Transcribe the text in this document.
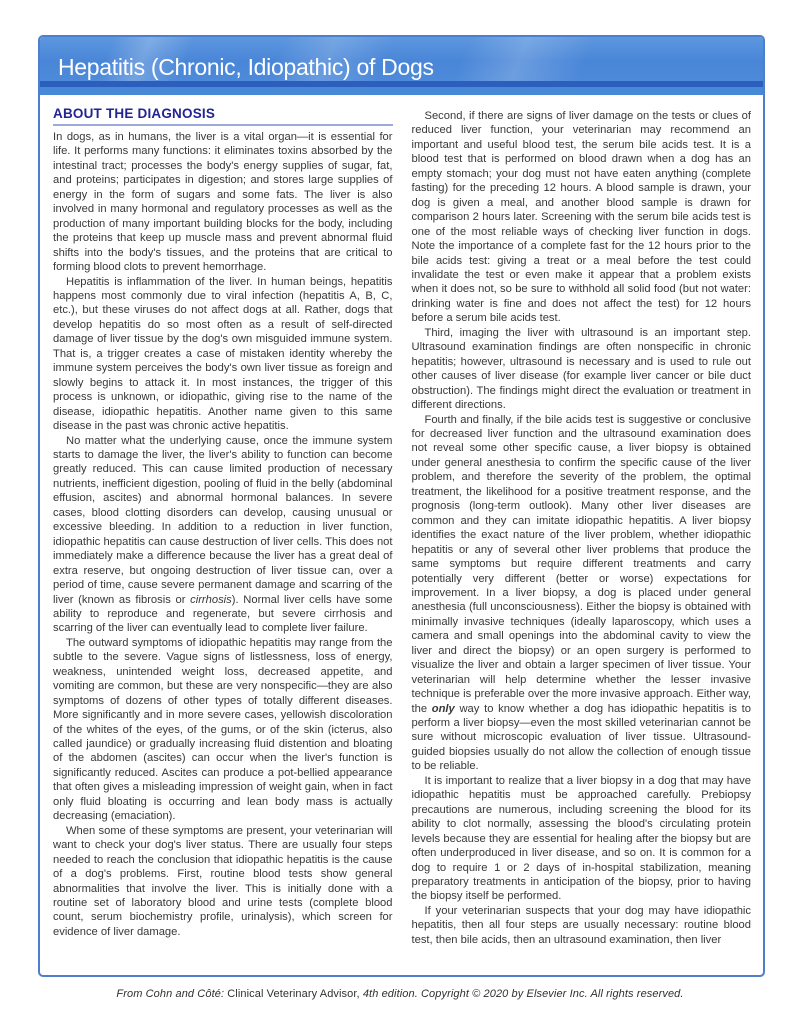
Hepatitis (Chronic, Idiopathic) of Dogs
ABOUT THE DIAGNOSIS

In dogs, as in humans, the liver is a vital organ—it is essential for life. It performs many functions: it eliminates toxins absorbed by the intestinal tract; processes the body's energy supplies of sugar, fat, and proteins; participates in digestion; and stores large supplies of energy in the form of sugars and some fats. The liver is also involved in many hormonal and regulatory processes as well as the production of many important building blocks for the body, including the proteins that keep up muscle mass and prevent abnormal fluid shifts into the body's tissues, and the proteins that are critical to forming blood clots to prevent hemorrhage.

Hepatitis is inflammation of the liver. In human beings, hepatitis happens most commonly due to viral infection (hepatitis A, B, C, etc.), but these viruses do not affect dogs at all. Rather, dogs that develop hepatitis do so most often as a result of self-directed damage of liver tissue by the dog's own misguided immune system. That is, a trigger creates a case of mistaken identity whereby the immune system perceives the body's own liver tissue as foreign and slowly begins to attack it. In most instances, the trigger of this process is unknown, or idiopathic, giving rise to the name of the disease, idiopathic hepatitis. Another name given to this same disease in the past was chronic active hepatitis.

No matter what the underlying cause, once the immune system starts to damage the liver, the liver's ability to function can become greatly reduced. This can cause limited production of necessary nutrients, inefficient digestion, pooling of fluid in the belly (abdominal effusion, ascites) and abnormal hormonal balances. In severe cases, blood clotting disorders can develop, causing unusual or excessive bleeding. In addition to a reduction in liver function, idiopathic hepatitis can cause destruction of liver cells. This does not immediately make a difference because the liver has a great deal of extra reserve, but ongoing destruction of liver tissue can, over a period of time, cause severe permanent damage and scarring of the liver (known as fibrosis or cirrhosis). Normal liver cells have some ability to reproduce and regenerate, but severe cirrhosis and scarring of the liver can eventually lead to complete liver failure.

The outward symptoms of idiopathic hepatitis may range from the subtle to the severe. Vague signs of listlessness, loss of energy, weakness, unintended weight loss, decreased appetite, and vomiting are common, but these are very nonspecific—they are also symptoms of dozens of other types of totally different diseases. More significantly and in more severe cases, yellowish discoloration of the whites of the eyes, of the gums, or of the skin (icterus, also called jaundice) or gradually increasing fluid distention and bloating of the abdomen (ascites) can occur when the liver's function is significantly reduced. Ascites can produce a pot-bellied appearance that often gives a misleading impression of weight gain, when in fact only fluid bloating is occurring and lean body mass is actually decreasing (emaciation).

When some of these symptoms are present, your veterinarian will want to check your dog's liver status. There are usually four steps needed to reach the conclusion that idiopathic hepatitis is the cause of a dog's problems. First, routine blood tests show general abnormalities that involve the liver. This is initially done with a routine set of laboratory blood and urine tests (complete blood count, serum biochemistry profile, urinalysis), which screen for evidence of liver damage.

Second, if there are signs of liver damage on the tests or clues of reduced liver function, your veterinarian may recommend an important and useful blood test, the serum bile acids test. It is a blood test that is performed on blood drawn when a dog has an empty stomach; your dog must not have eaten anything (complete fasting) for the preceding 12 hours. A blood sample is drawn, your dog is given a meal, and another blood sample is drawn for comparison 2 hours later. Screening with the serum bile acids test is one of the most reliable ways of checking liver function in dogs. Note the importance of a complete fast for the 12 hours prior to the bile acids test: giving a treat or a meal before the test could invalidate the test or even make it appear that a problem exists when it does not, so be sure to withhold all solid food (but not water: drinking water is fine and does not affect the test) for 12 hours before a serum bile acids test.

Third, imaging the liver with ultrasound is an important step. Ultrasound examination findings are often nonspecific in chronic hepatitis; however, ultrasound is necessary and is used to rule out other causes of liver disease (for example liver cancer or bile duct obstruction). The findings might direct the evaluation or treatment in different directions.

Fourth and finally, if the bile acids test is suggestive or conclusive for decreased liver function and the ultrasound examination does not reveal some other specific cause, a liver biopsy is obtained under general anesthesia to confirm the specific cause of the liver problem, and therefore the severity of the problem, the optimal treatment, the likelihood for a positive treatment response, and the prognosis (long-term outlook). Many other liver diseases are common and they can imitate idiopathic hepatitis. A liver biopsy identifies the exact nature of the liver problem, whether idiopathic hepatitis or any of several other liver problems that produce the same symptoms but require different treatments and carry potentially very different (better or worse) expectations for improvement. In a liver biopsy, a dog is placed under general anesthesia (full unconsciousness). Either the biopsy is obtained with minimally invasive techniques (ideally laparoscopy, which uses a camera and small openings into the abdominal cavity to view the liver and direct the biopsy) or an open surgery is performed to visualize the liver and obtain a larger specimen of liver tissue. Your veterinarian will help determine whether the lesser invasive technique is preferable over the more invasive approach. Either way, the only way to know whether a dog has idiopathic hepatitis is to perform a liver biopsy—even the most skilled veterinarian cannot be sure without microscopic evaluation of liver tissue. Ultrasound-guided biopsies usually do not allow the collection of enough tissue to be reliable.

It is important to realize that a liver biopsy in a dog that may have idiopathic hepatitis must be approached carefully. Prebiopsy precautions are numerous, including screening the blood for its ability to clot normally, assessing the blood's circulating protein levels because they are essential for healing after the biopsy but are often underproduced in liver disease, and so on. It is common for a dog to require 1 or 2 days of in-hospital stabilization, meaning preparatory treatments in anticipation of the biopsy, prior to having the biopsy itself be performed.

If your veterinarian suspects that your dog may have idiopathic hepatitis, then all four steps are usually necessary: routine blood test, then bile acids, then an ultrasound examination, then liver

From Cohn and Côté: Clinical Veterinary Advisor, 4th edition. Copyright © 2020 by Elsevier Inc. All rights reserved.
